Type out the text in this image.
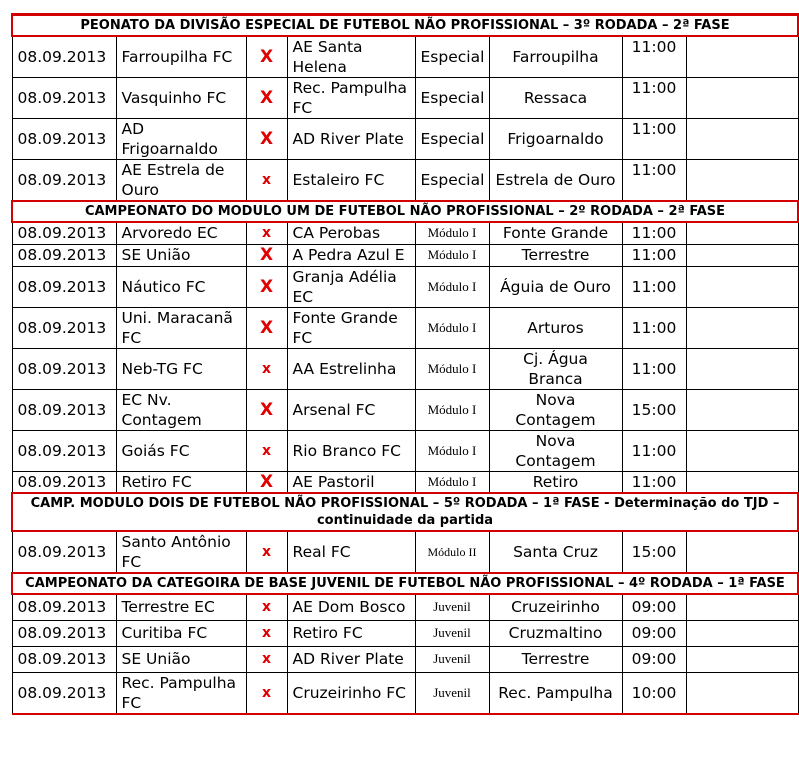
PEONATO DA DIVISÃO ESPECIAL DE FUTEBOL NÃO PROFISSIONAL – 3º RODADA – 2ª FASE							
08.09.2013	Farroupilha FC	X	AE Santa Helena	Especial	Farroupilha	11:00	
08.09.2013	Vasquinho FC	X	Rec. Pampulha FC	Especial	Ressaca	11:00	
08.09.2013	AD Frigoarnaldo	X	AD River Plate	Especial	Frigoarnaldo	11:00	
08.09.2013	AE Estrela de Ouro	x	Estaleiro FC	Especial	Estrela de Ouro	11:00	
CAMPEONATO DO MODULO UM DE FUTEBOL NÃO PROFISSIONAL – 2º RODADA – 2ª FASE							
08.09.2013	Arvoredo EC	x	CA Perobas	Módulo I	Fonte Grande	11:00	
08.09.2013	SE União	X	A Pedra Azul E	Módulo I	Terrestre	11:00	
08.09.2013	Náutico FC	X	Granja Adélia EC	Módulo I	Águia de Ouro	11:00	
08.09.2013	Uni. Maracanã FC	X	Fonte Grande FC	Módulo I	Arturos	11:00	
08.09.2013	Neb-TG FC	x	AA Estrelinha	Módulo I	Cj. Água Branca	11:00	
08.09.2013	EC Nv. Contagem	X	Arsenal FC	Módulo I	Nova Contagem	15:00	
08.09.2013	Goiás FC	x	Rio Branco FC	Módulo I	Nova Contagem	11:00	
08.09.2013	Retiro FC	X	AE Pastoril	Módulo I	Retiro	11:00	
CAMP. MODULO DOIS DE FUTEBOL NÃO PROFISSIONAL – 5º RODADA – 1ª FASE - Determinação do TJD – continuidade da partida							
08.09.2013	Santo Antônio FC	x	Real FC	Módulo II	Santa Cruz	15:00	
CAMPEONATO DA CATEGOIRA DE BASE JUVENIL DE FUTEBOL NÃO PROFISSIONAL – 4º RODADA – 1ª FASE							
08.09.2013	Terrestre EC	x	AE Dom Bosco	Juvenil	Cruzeirinho	09:00	
08.09.2013	Curitiba FC	x	Retiro FC	Juvenil	Cruzmaltino	09:00	
08.09.2013	SE União	x	AD River Plate	Juvenil	Terrestre	09:00	
08.09.2013	Rec. Pampulha FC	x	Cruzeirinho FC	Juvenil	Rec. Pampulha	10:00	
